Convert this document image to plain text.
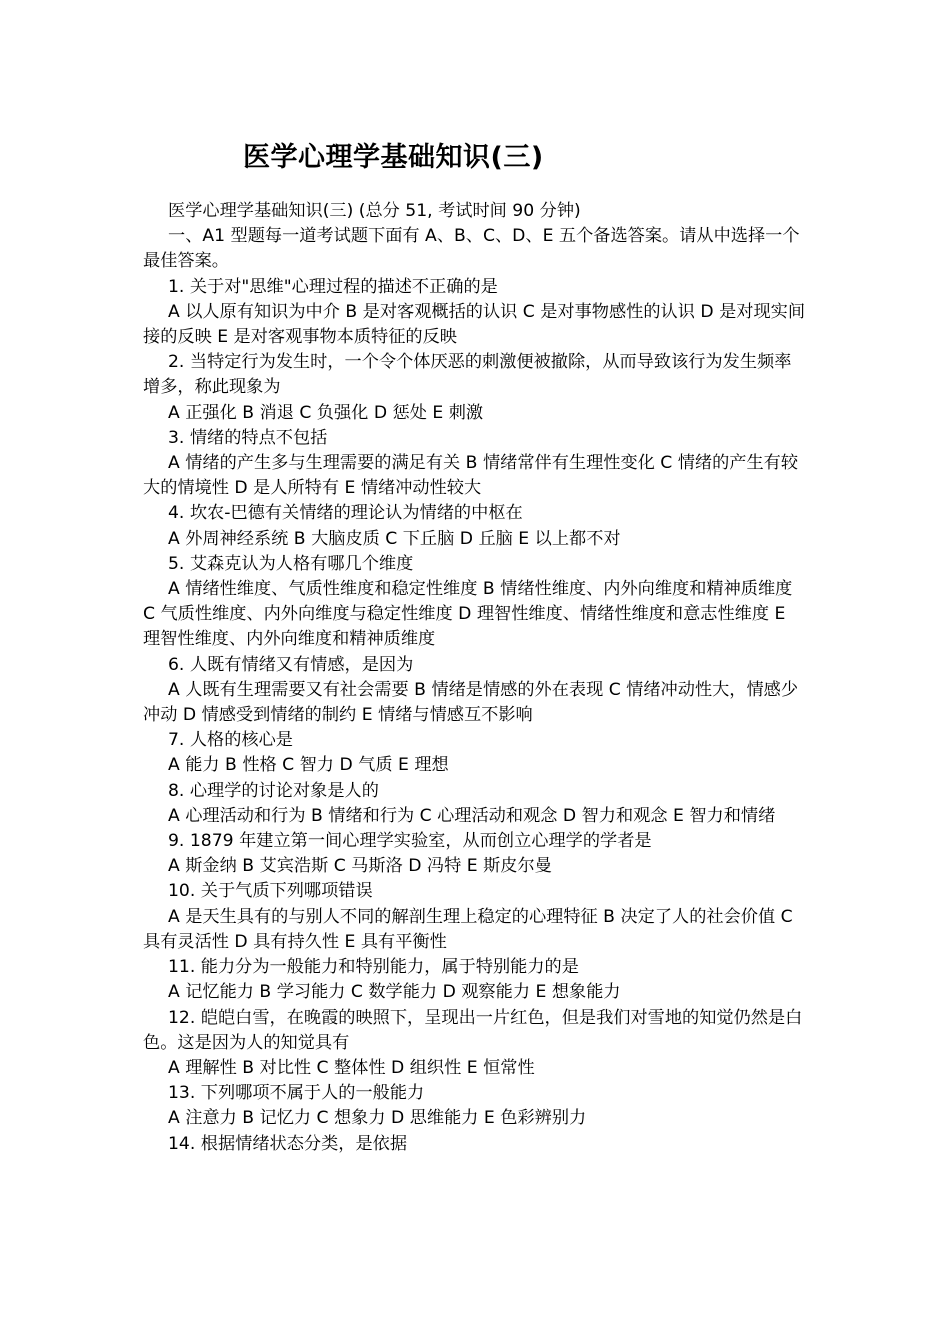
医学心理学基础知识(三)

医学心理学基础知识(三) (总分 51, 考试时间 90 分钟)

一、A1 型题每一道考试题下面有 A、B、C、D、E 五个备选答案。请从中选择一个最佳答案。

1. 关于对"思维"心理过程的描述不正确的是

A 以人原有知识为中介 B 是对客观概括的认识 C 是对事物感性的认识 D 是对现实间接的反映 E 是对客观事物本质特征的反映

2. 当特定行为发生时，一个令个体厌恶的刺激便被撤除，从而导致该行为发生频率增多，称此现象为

A 正强化 B 消退 C 负强化 D 惩处 E 刺激

3. 情绪的特点不包括

A 情绪的产生多与生理需要的满足有关 B 情绪常伴有生理性变化 C 情绪的产生有较大的情境性 D 是人所特有 E 情绪冲动性较大

4. 坎农-巴德有关情绪的理论认为情绪的中枢在

A 外周神经系统 B 大脑皮质 C 下丘脑 D 丘脑 E 以上都不对

5. 艾森克认为人格有哪几个维度

A 情绪性维度、气质性维度和稳定性维度 B 情绪性维度、内外向维度和精神质维度 C 气质性维度、内外向维度与稳定性维度 D 理智性维度、情绪性维度和意志性维度 E 理智性维度、内外向维度和精神质维度

6. 人既有情绪又有情感，是因为

A 人既有生理需要又有社会需要 B 情绪是情感的外在表现 C 情绪冲动性大，情感少冲动 D 情感受到情绪的制约 E 情绪与情感互不影响

7. 人格的核心是

A 能力 B 性格 C 智力 D 气质 E 理想

8. 心理学的讨论对象是人的

A 心理活动和行为 B 情绪和行为 C 心理活动和观念 D 智力和观念 E 智力和情绪

9. 1879 年建立第一间心理学实验室，从而创立心理学的学者是

A 斯金纳 B 艾宾浩斯 C 马斯洛 D 冯特 E 斯皮尔曼

10. 关于气质下列哪项错误

A 是天生具有的与别人不同的解剖生理上稳定的心理特征 B 决定了人的社会价值 C 具有灵活性 D 具有持久性 E 具有平衡性

11. 能力分为一般能力和特别能力，属于特别能力的是

A 记忆能力 B 学习能力 C 数学能力 D 观察能力 E 想象能力

12. 皑皑白雪，在晚霞的映照下，呈现出一片红色，但是我们对雪地的知觉仍然是白色。这是因为人的知觉具有

A 理解性 B 对比性 C 整体性 D 组织性 E 恒常性

13. 下列哪项不属于人的一般能力

A 注意力 B 记忆力 C 想象力 D 思维能力 E 色彩辨别力

14. 根据情绪状态分类，是依据
